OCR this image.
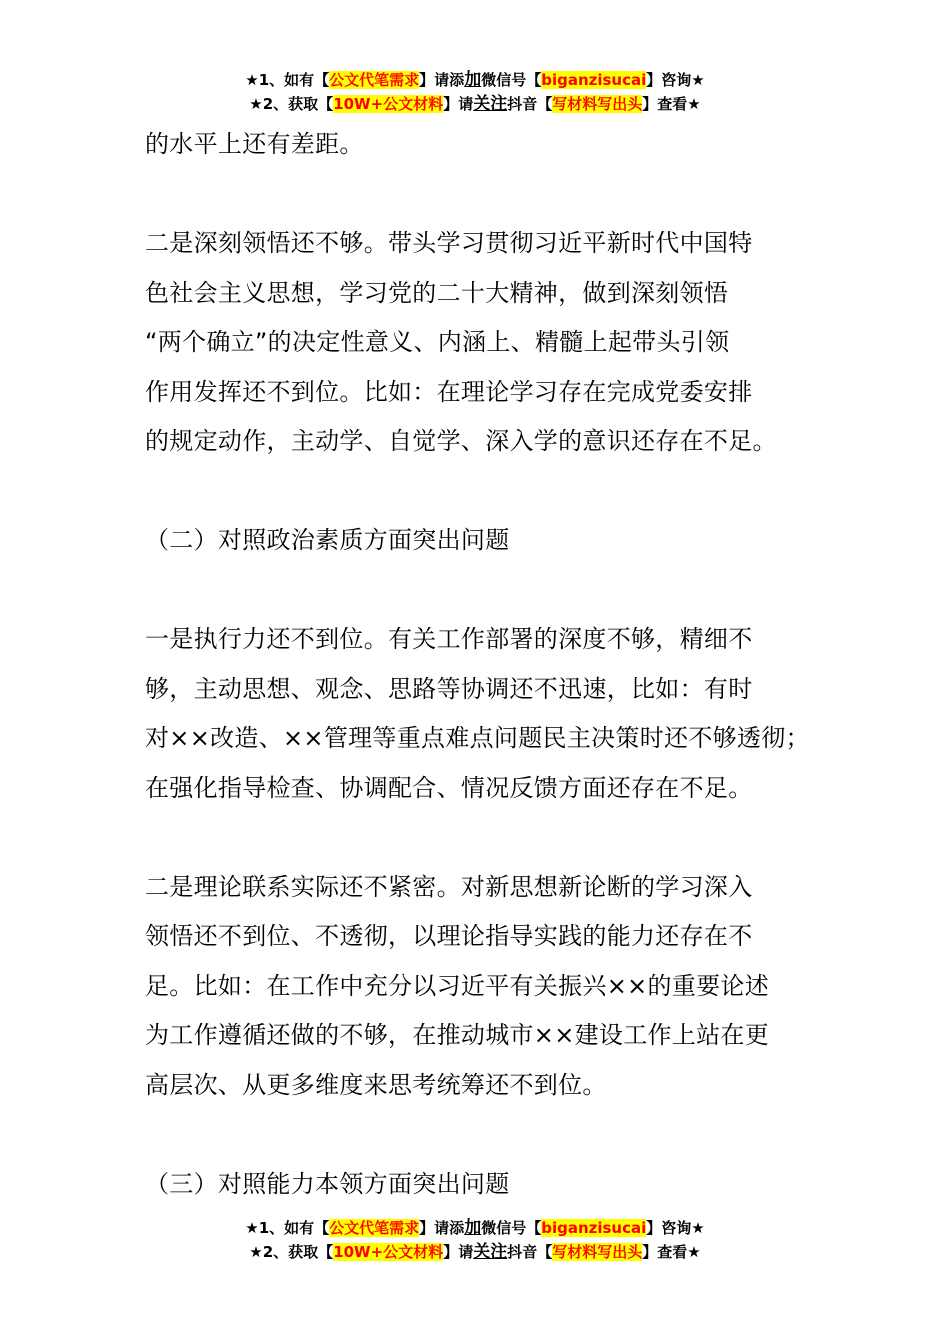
★1、如有【公文代笔需求】请添加微信号【biganzisucai】咨询★
★2、获取【10W+公文材料】请关注抖音【写材料写出头】查看★

的水平上还有差距。

二是深刻领悟还不够。带头学习贯彻习近平新时代中国特

色社会主义思想，学习党的二十大精神，做到深刻领悟

“两个确立”的决定性意义、内涵上、精髓上起带头引领

作用发挥还不到位。比如：在理论学习存在完成党委安排

的规定动作，主动学、自觉学、深入学的意识还存在不足。

（二）对照政治素质方面突出问题

一是执行力还不到位。有关工作部署的深度不够，精细不

够，主动思想、观念、思路等协调还不迅速，比如：有时

对××改造、××管理等重点难点问题民主决策时还不够透彻；

在强化指导检查、协调配合、情况反馈方面还存在不足。

二是理论联系实际还不紧密。对新思想新论断的学习深入

领悟还不到位、不透彻，以理论指导实践的能力还存在不

足。比如：在工作中充分以习近平有关振兴××的重要论述

为工作遵循还做的不够，在推动城市××建设工作上站在更

高层次、从更多维度来思考统筹还不到位。

（三）对照能力本领方面突出问题

★1、如有【公文代笔需求】请添加微信号【biganzisucai】咨询★
★2、获取【10W+公文材料】请关注抖音【写材料写出头】查看★
